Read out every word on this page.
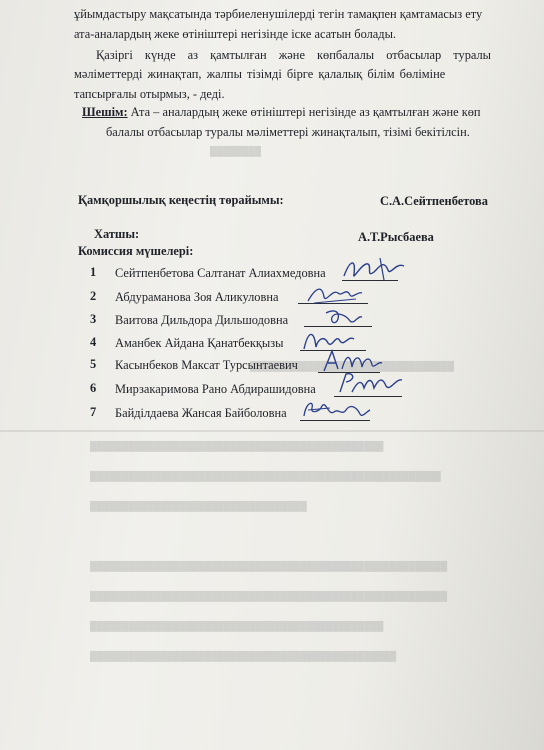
████████
████████████████████████████████
██████████████████████████████████████████████
███████████████████████████████████████████████████████
██████████████████████████████████
████████████████████████████████████████████████████████
████████████████████████████████████████████████████████
██████████████████████████████████████████████
████████████████████████████████████████████████
ұйымдастыру мақсатында тәрбиеленушілерді тегін тамақпен қамтамасыз ету
ата-аналардың жеке өтініштері негізінде іске асатын болады.
Қазіргі күнде аз қамтылған және көпбалалы отбасылар туралы
мәліметтерді жинақтап, жалпы тізімді бірге қалалық білім бөліміне
тапсырғалы отырмыз, - деді.
Шешім: Ата – аналардың жеке өтініштері негізінде аз қамтылған және көп
балалы отбасылар туралы мәліметтері жинақталып, тізімі бекітілсін.
Қамқоршылық кеңестің төрайымы:	С.А.Сейтпенбетова
Хатшы:	А.Т.Рысбаева
Комиссия мүшелері:
1 Сейтпенбетова Салтанат Алиахмедовна
2 Абдураманова Зоя Аликуловна
3 Ваитова Дильдора Дильшодовна
4 Аманбек Айдана Қанатбекқызы
5 Касынбеков Максат Турсынтаевич
6 Мирзакаримова Рано Абдирашидовна
7 Байділдаева Жансая Байболовна
